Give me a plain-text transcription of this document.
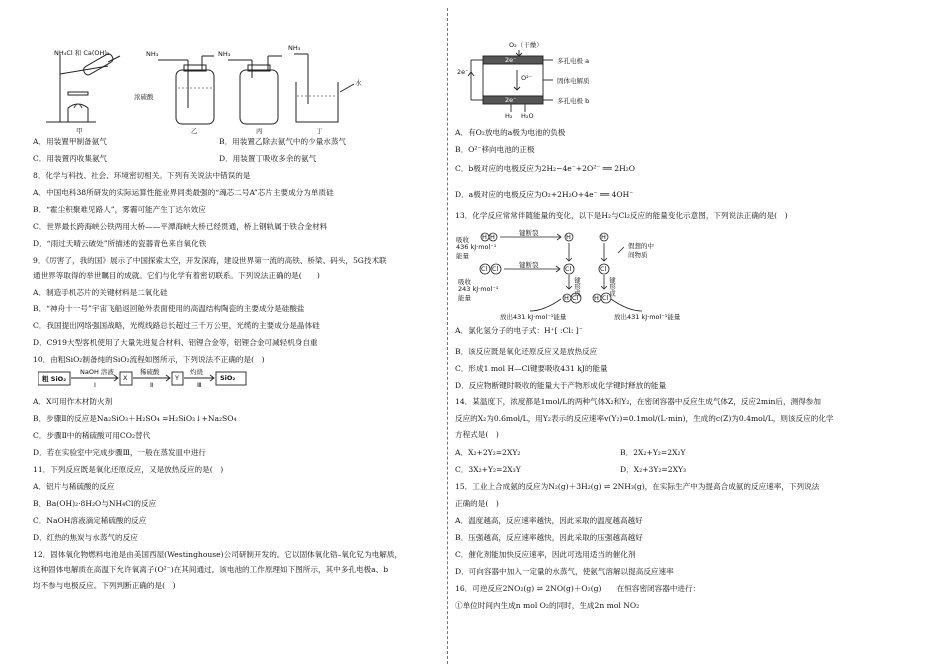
NH₄Cl 和 Ca(OH)₂	NH₃
浓硫酸
NH₃
NH₃
水
甲	乙	丙	丁
A．用装置甲制备氨气	B．用装置乙除去氨气中的少量水蒸气
C．用装置丙收集氨气	D．用装置丁吸收多余的氨气
8．化学与科技、社会、环境密切相关。下列有关说法中错误的是
A．中国电科38所研发的实际运算性能业界同类最强的“魂芯二号A”芯片主要成分为单质硅
B．“霍尘积聚难见路人”，雾霾可能产生丁达尔效应
C．世界最长跨海峡公铁两用大桥——平潭海峡大桥已经贯通，桥上钢轨属于铁合金材料
D．“雨过天晴云破处”所描述的瓷器青色来自氧化铁
9．《厉害了，我的国》展示了中国探索太空，开发深海，建设世界第一流的高铁、桥梁、码头，5G技术联
通世界等取得的举世瞩目的成就。它们与化学有着密切联系。下列说法正确的是(　　)
A．制造手机芯片的关键材料是二氧化硅
B．“神舟十一号”宇宙飞船返回舱外表面使用的高温结构陶瓷的主要成分是硅酸盐
C．我国提出网络强国战略，光缆线路总长超过三千万公里，光缆的主要成分是晶体硅
D．C919大型客机使用了大量先进复合材料、铝锂合金等，铝锂合金可减轻机身自重
10．由粗SiO₂制备纯的SiO₂流程如图所示，下列说法不正确的是(　)
A．X可用作木材防火剂
B．步骤Ⅱ的反应是Na₂SiO₃＋H₂SO₄ =H₂SiO₃↓+Na₂SO₄
C．步骤Ⅱ中的稀硫酸可用CO₂替代
D．若在实验室中完成步骤Ⅲ，一般在蒸发皿中进行
11．下列反应既是氧化还原反应，又是放热反应的是(　)
A．铝片与稀硫酸的反应
B．Ba(OH)₂·8H₂O与NH₄Cl的反应
C．NaOH溶液滴定稀硫酸的反应
D．红热的焦炭与水蒸气的反应
12．固体氧化物燃料电池是由美国西屋(Westinghouse)公司研制开发的。它以固体氧化锆–氧化钇为电解质，
这种固体电解质在高温下允许氧离子(O²⁻)在其间通过。该电池的工作原理如下图所示，其中多孔电极a、b
均不参与电极反应。下列判断正确的是(　)
粗 SiO₂
NaOH 溶液
Ⅰ
X
稀硫酸
Ⅱ
Y
灼烧
Ⅲ
SiO₂
O₂（干燥）
2e⁻
2e⁻
O²⁻
2e⁻
多孔电极 a
固体电解质
多孔电极 b
H₂ H₂O
A．有O₂放电的a极为电池的负极
B．O²⁻移向电池的正极
C．b极对应的电极反应为2H₂−4e⁻+2O²⁻ ══ 2H₂O
D．a极对应的电极反应为O₂+2H₂O+4e⁻ ══ 4OH⁻
13．化学反应常常伴随能量的变化，以下是H₂与Cl₂反应的能量变化示意图，下列说法正确的是(　)
A．氯化氢分子的电子式：H⁺[ :Cl: ]⁻
B．该反应既是氧化还原反应又是放热反应
C．形成1 mol H—Cl键要吸收431 kJ的能量
D．反应物断键时吸收的能量大于产物形成化学键时释放的能量
14．某温度下，浓度都是1mol/L的两种气体X₂和Y₂，在密闭容器中反应生成气体Z，反应2min后，测得参加
反应的X₂为0.6mol/L，用Y₂表示的反应速率v(Y₂)=0.1mol/(L·min)，生成的c(Z)为0.4mol/L，则该反应的化学
方程式是(　)
A．X₂+2Y₂=2XY₂	B．2X₂+Y₂=2X₂Y
C．3X₂+Y₂=2X₃Y	D．X₂+3Y₂=2XY₃
15．工业上合成氨的反应为N₂(g)＋3H₂(g) ⇌ 2NH₃(g)，在实际生产中为提高合成氨的反应速率，下列说法
正确的是(　)
A．温度越高，反应速率越快，因此采取的温度越高越好
B．压强越高，反应速率越快，因此采取的压强越高越好
C．催化剂能加快反应速率，因此可选用适当的催化剂
D．可向容器中加入一定量的水蒸气，使氨气溶解以提高反应速率
16．可逆反应2NO₂(g) ⇌ 2NO(g)＋O₂(g)　　在恒容密闭容器中进行：
①单位时间内生成n mol O₂的同时，生成2n mol NO₂
吸收
436 kJ·mol⁻¹
能量
键断裂
H H	H	H
假想的中
间物质
键断裂
Cl Cl	Cl	Cl
吸收
243 kJ·mol⁻¹
能量
键形成	键形成
H Cl H Cl
放出431 kJ·mol⁻¹能量	放出431 kJ·mol⁻¹能量
